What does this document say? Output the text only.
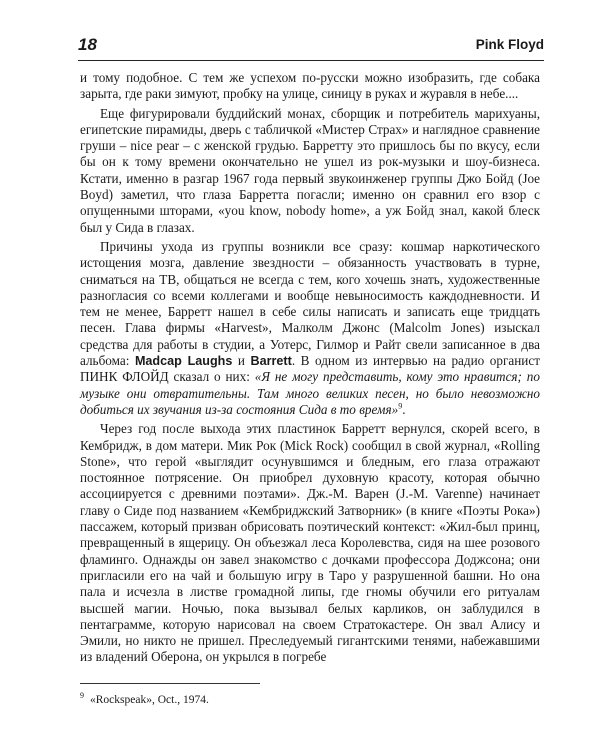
18	Pink Floyd

и тому подобное. С тем же успехом по-русски можно изобразить, где собака зарыта, где раки зимуют, пробку на улице, синицу в руках и журавля в небе....

Еще фигурировали буддийский монах, сборщик и потребитель марихуаны, египетские пирамиды, дверь с табличкой «Мистер Страх» и наглядное сравнение груши – nice pear – с женской грудью. Барретту это пришлось бы по вкусу, если бы он к тому времени окончательно не ушел из рок-музыки и шоу-бизнеса. Кстати, именно в разгар 1967 года первый звукоинженер группы Джо Бойд (Joe Boyd) заметил, что глаза Барретта погасли; именно он сравнил его взор с опущенными шторами, «you know, nobody home», а уж Бойд знал, какой блеск был у Сида в глазах.

Причины ухода из группы возникли все сразу: кошмар наркотического истощения мозга, давление звездности – обязанность участвовать в турне, сниматься на ТВ, общаться не всегда с тем, кого хочешь знать, художественные разногласия со всеми коллегами и вообще невыносимость каждодневности. И тем не менее, Барретт нашел в себе силы написать и записать еще тридцать песен. Глава фирмы «Harvest», Малколм Джонс (Malcolm Jones) изыскал средства для работы в студии, а Уотерс, Гилмор и Райт свели записанное в два альбома: Madcap Laughs и Barrett. В одном из интервью на радио органист ПИНК ФЛОЙД сказал о них: «Я не могу представить, кому это нравится; по музыке они отвратительны. Там много великих песен, но было невозможно добиться их звучания из-за состояния Сида в то время»$^9$.

Через год после выхода этих пластинок Барретт вернулся, скорей всего, в Кембридж, в дом матери. Мик Рок (Mick Rock) сообщил в свой журнал, «Rolling Stone», что герой «выглядит осунувшимся и бледным, его глаза отражают постоянное потрясение. Он приобрел духовную красоту, которая обычно ассоциируется с древними поэтами». Дж.-М. Варен (J.-M. Varenne) начинает главу о Сиде под названием «Кембриджский Затворник» (в книге «Поэты Рока») пассажем, который призван обрисовать поэтический контекст: «Жил-был принц, превращенный в ящерицу. Он объезжал леса Королевства, сидя на шее розового фламинго. Однажды он завел знакомство с дочками профессора Доджсона; они пригласили его на чай и большую игру в Таро у разрушенной башни. Но она пала и исчезла в листве громадной липы, где гномы обучили его ритуалам высшей магии. Ночью, пока вызывал белых карликов, он заблудился в пентаграмме, которую нарисовал на своем Стратокастере. Он звал Алису и Эмили, но никто не пришел. Преследуемый гигантскими тенями, набежавшими из владений Оберона, он укрылся в погребе

$^9$ «Rockspeak», Oct., 1974.
